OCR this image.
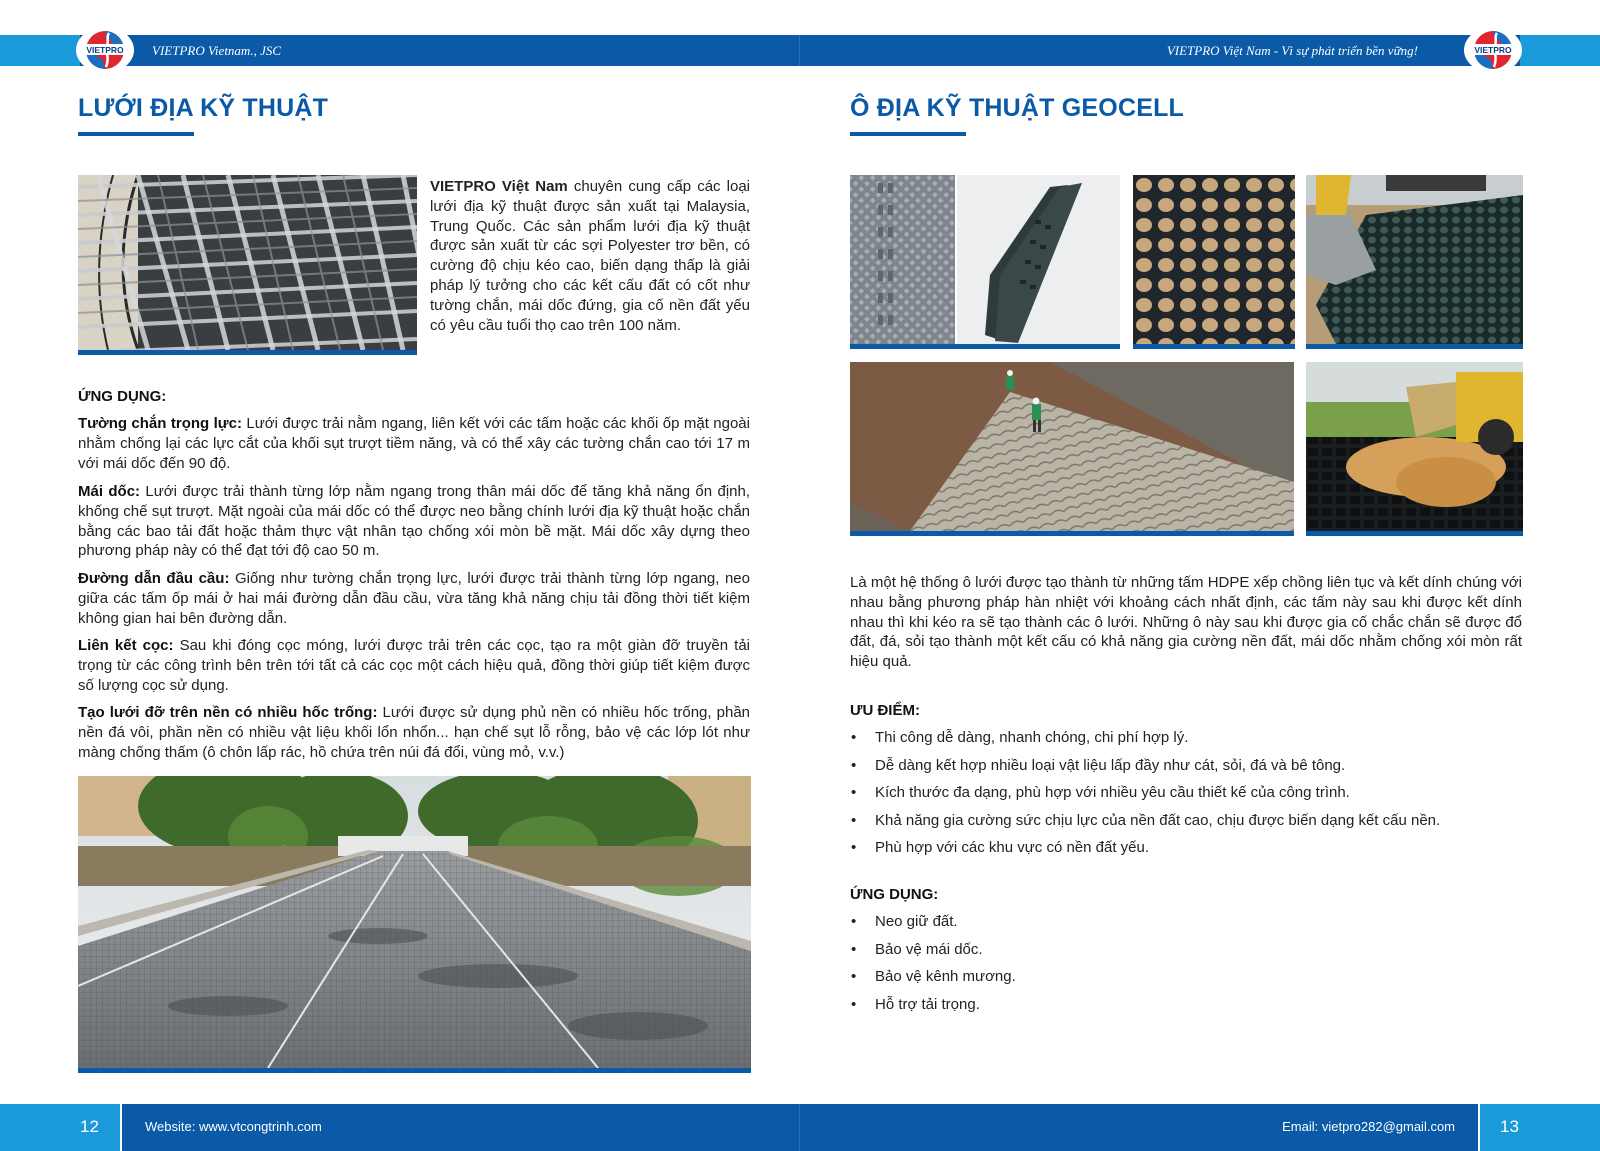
VIETPRO Vietnam., JSC	VIETPRO Việt Nam - Vì sự phát triển bền vững!
VIETPRO	VIETPRO
LƯỚI ĐỊA KỸ THUẬT

VIETPRO Việt Nam chuyên cung cấp các loại lưới địa kỹ thuật được sản xuất tại Malaysia, Trung Quốc. Các sản phẩm lưới địa kỹ thuật được sản xuất từ các sợi Polyester trơ bền, có cường độ chịu kéo cao, biến dạng thấp là giải pháp lý tưởng cho các kết cấu đất có cốt như tường chắn, mái dốc đứng, gia cố nền đất yếu có yêu cầu tuổi thọ cao trên 100 năm.

ỨNG DỤNG:

Tường chắn trọng lực: Lưới được trải nằm ngang, liên kết với các tấm hoặc các khối ốp mặt ngoài nhằm chống lại các lực cắt của khối sụt trượt tiềm năng, và có thể xây các tường chắn cao tới 17 m với mái dốc đến 90 độ.

Mái dốc: Lưới được trải thành từng lớp nằm ngang trong thân mái dốc để tăng khả năng ổn định, khống chế sụt trượt. Mặt ngoài của mái dốc có thể được neo bằng chính lưới địa kỹ thuật hoặc chắn bằng các bao tải đất hoặc thảm thực vật nhân tạo chống xói mòn bề mặt. Mái dốc xây dựng theo phương pháp này có thể đạt tới độ cao 50 m.

Đường dẫn đầu cầu: Giống như tường chắn trọng lực, lưới được trải thành từng lớp ngang, neo giữa các tấm ốp mái ở hai mái đường dẫn đầu cầu, vừa tăng khả năng chịu tải đồng thời tiết kiệm không gian hai bên đường dẫn.

Liên kết cọc: Sau khi đóng cọc móng, lưới được trải trên các cọc, tạo ra một giàn đỡ truyền tải trọng từ các công trình bên trên tới tất cả các cọc một cách hiệu quả, đồng thời giúp tiết kiệm được số lượng cọc sử dụng.

Tạo lưới đỡ trên nền có nhiều hốc trống: Lưới được sử dụng phủ nền có nhiều hốc trống, phần nền đá vôi, phần nền có nhiều vật liệu khối lổn nhổn... hạn chế sụt lỗ rỗng, bảo vệ các lớp lót như màng chống thấm (ô chôn lấp rác, hồ chứa trên núi đá đổi, vùng mỏ, v.v.)

Ô ĐỊA KỸ THUẬT GEOCELL

Là một hệ thống ô lưới được tạo thành từ những tấm HDPE xếp chồng liên tục và kết dính chúng với nhau bằng phương pháp hàn nhiệt với khoảng cách nhất định, các tấm này sau khi được kết dính nhau thì khi kéo ra sẽ tạo thành các ô lưới. Những ô này sau khi được gia cố chắc chắn sẽ được đổ đất, đá, sỏi tạo thành một kết cấu có khả năng gia cường nền đất, mái dốc nhằm chống xói mòn rất hiệu quả.

ƯU ĐIỂM:
• Thi công dễ dàng, nhanh chóng, chi phí hợp lý.
• Dễ dàng kết hợp nhiều loại vật liệu lấp đầy như cát, sỏi, đá và bê tông.
• Kích thước đa dạng, phù hợp với nhiều yêu cầu thiết kế của công trình.
• Khả năng gia cường sức chịu lực của nền đất cao, chịu được biến dạng kết cấu nền.
• Phù hợp với các khu vực có nền đất yếu.
ỨNG DỤNG:
• Neo giữ đất.
• Bảo vệ mái dốc.
• Bảo vệ kênh mương.
• Hỗ trợ tải trọng.
12	13
Website: www.vtcongtrinh.com	Email: vietpro282@gmail.com
